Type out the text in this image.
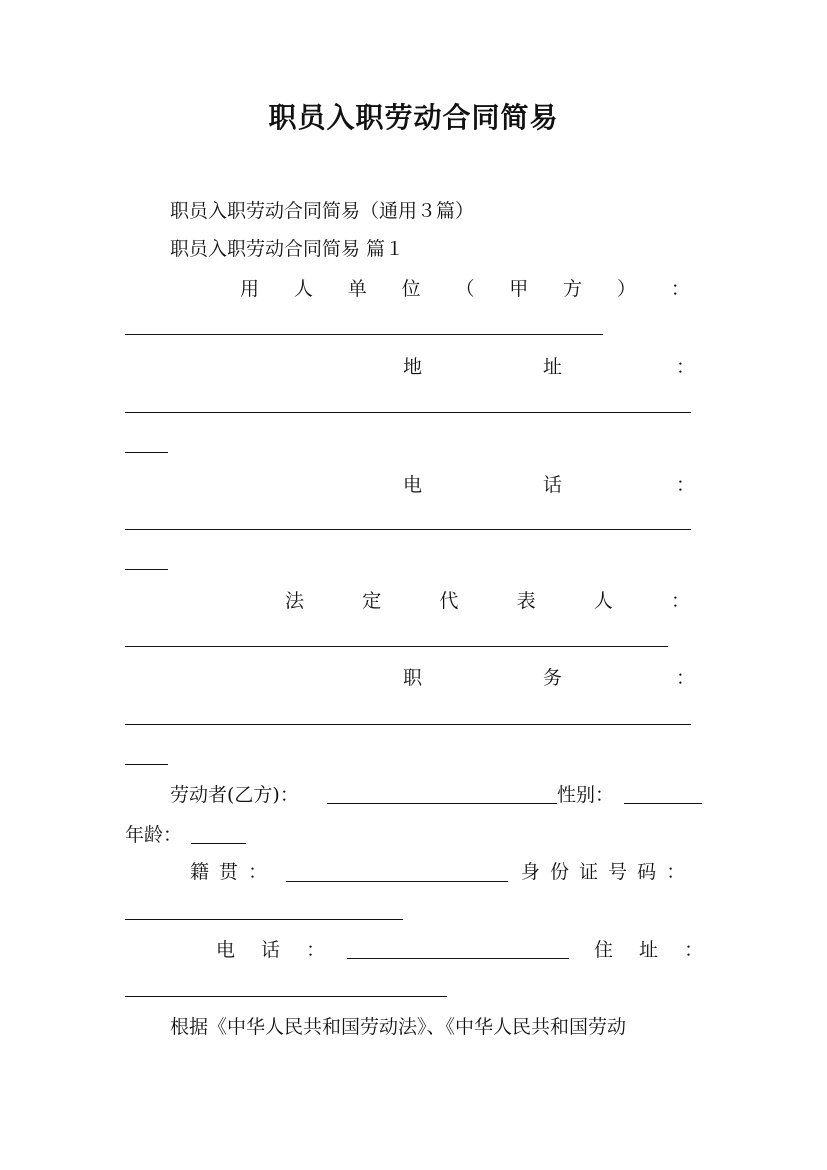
职员入职劳动合同简易
职员入职劳动合同简易（通用３篇）
职员入职劳动合同简易 篇１
用 人 单 位 （ 甲 方 ） ：
地	址	：
电	话	：
法	定	代	表	人	：
职	务	：
劳动者(乙方)：	性别：
年龄：
籍 贯 ：	身 份 证 号 码 ：
电 话 ：	住 址 ：
根据《中华人民共和国劳动法》、《中华人民共和国劳动
